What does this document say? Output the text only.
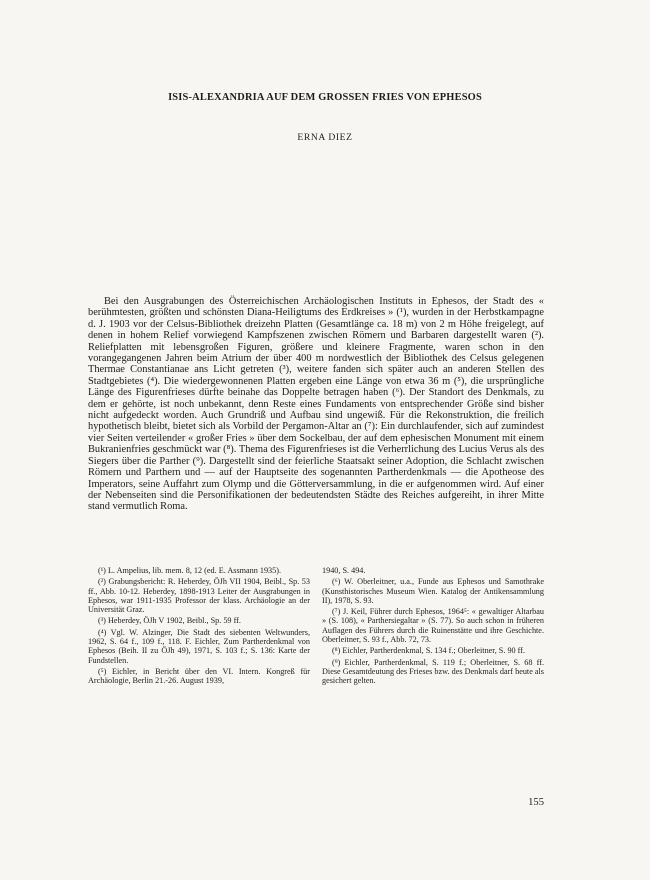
ISIS-ALEXANDRIA AUF DEM GROSSEN FRIES VON EPHESOS
ERNA DIEZ

Bei den Ausgrabungen des Österreichischen Archäologischen Instituts in Ephesos, der Stadt des « berühmtesten, größten und schönsten Diana-Heiligtums des Erdkreises » (¹), wurden in der Herbstkampagne d. J. 1903 vor der Celsus-Bibliothek dreizehn Platten (Gesamtlänge ca. 18 m) von 2 m Höhe freigelegt, auf denen in hohem Relief vorwiegend Kampfszenen zwischen Römern und Barbaren dargestellt waren (²). Reliefplatten mit lebensgroßen Figuren, größere und kleinere Fragmente, waren schon in den vorangegangenen Jahren beim Atrium der über 400 m nordwestlich der Bibliothek des Celsus gelegenen Thermae Constantianae ans Licht getreten (³), weitere fanden sich später auch an anderen Stellen des Stadtgebietes (⁴). Die wiedergewonnenen Platten ergeben eine Länge von etwa 36 m (⁵), die ursprüngliche Länge des Figurenfrieses dürfte beinahe das Doppelte betragen haben (⁶). Der Standort des Denkmals, zu dem er gehörte, ist noch unbekannt, denn Reste eines Fundaments von entsprechender Größe sind bisher nicht aufgedeckt worden. Auch Grundriß und Aufbau sind ungewiß. Für die Rekonstruktion, die freilich hypothetisch bleibt, bietet sich als Vorbild der Pergamon-Altar an (⁷): Ein durchlaufender, sich auf zumindest vier Seiten verteilender « großer Fries » über dem Sockelbau, der auf dem ephesischen Monument mit einem Bukranienfries geschmückt war (⁸). Thema des Figurenfrieses ist die Verherrlichung des Lucius Verus als des Siegers über die Parther (⁹). Dargestellt sind der feierliche Staatsakt seiner Adoption, die Schlacht zwischen Römern und Parthern und — auf der Hauptseite des sogenannten Partherdenkmals — die Apotheose des Imperators, seine Auffahrt zum Olymp und die Götterversammlung, in die er aufgenommen wird. Auf einer der Nebenseiten sind die Personifikationen der bedeutendsten Städte des Reiches aufgereiht, in ihrer Mitte stand vermutlich Roma.

(¹) L. Ampelius, lib. mem. 8, 12 (ed. E. Assmann 1935).

(²) Grabungsbericht: R. Heberdey, ÖJh VII 1904, Beibl., Sp. 53 ff., Abb. 10-12. Heberdey, 1898-1913 Leiter der Ausgrabungen in Ephesos, war 1911-1935 Professor der klass. Archäologie an der Universität Graz.

(³) Heberdey, ÖJh V 1902, Beibl., Sp. 59 ff.

(⁴) Vgl. W. Alzinger, Die Stadt des siebenten Weltwunders, 1962, S. 64 f., 109 f., 118. F. Eichler, Zum Partherdenkmal von Ephesos (Beih. II zu ÖJh 49), 1971, S. 103 f.; S. 136: Karte der Fundstellen.

(⁵) Eichler, in Bericht über den VI. Intern. Kongreß für Archäologie, Berlin 21.-26. August 1939,

1940, S. 494.

(⁶) W. Oberleitner, u.a., Funde aus Ephesos und Samothrake (Kunsthistorisches Museum Wien. Katalog der Antikensammlung II), 1978, S. 93.

(⁷) J. Keil, Führer durch Ephesos, 1964⁵: « gewaltiger Altarbau » (S. 108), « Parthersiegaltar » (S. 77). So auch schon in früheren Auflagen des Führers durch die Ruinenstätte und ihre Geschichte. Oberleitner, S. 93 f., Abb. 72, 73.

(⁸) Eichler, Partherdenkmal, S. 134 f.; Oberleitner, S. 90 ff.

(⁹) Eichler, Partherdenkmal, S. 119 f.; Oberleitner, S. 68 ff. Diese Gesamtdeutung des Frieses bzw. des Denkmals darf heute als gesichert gelten.

155
